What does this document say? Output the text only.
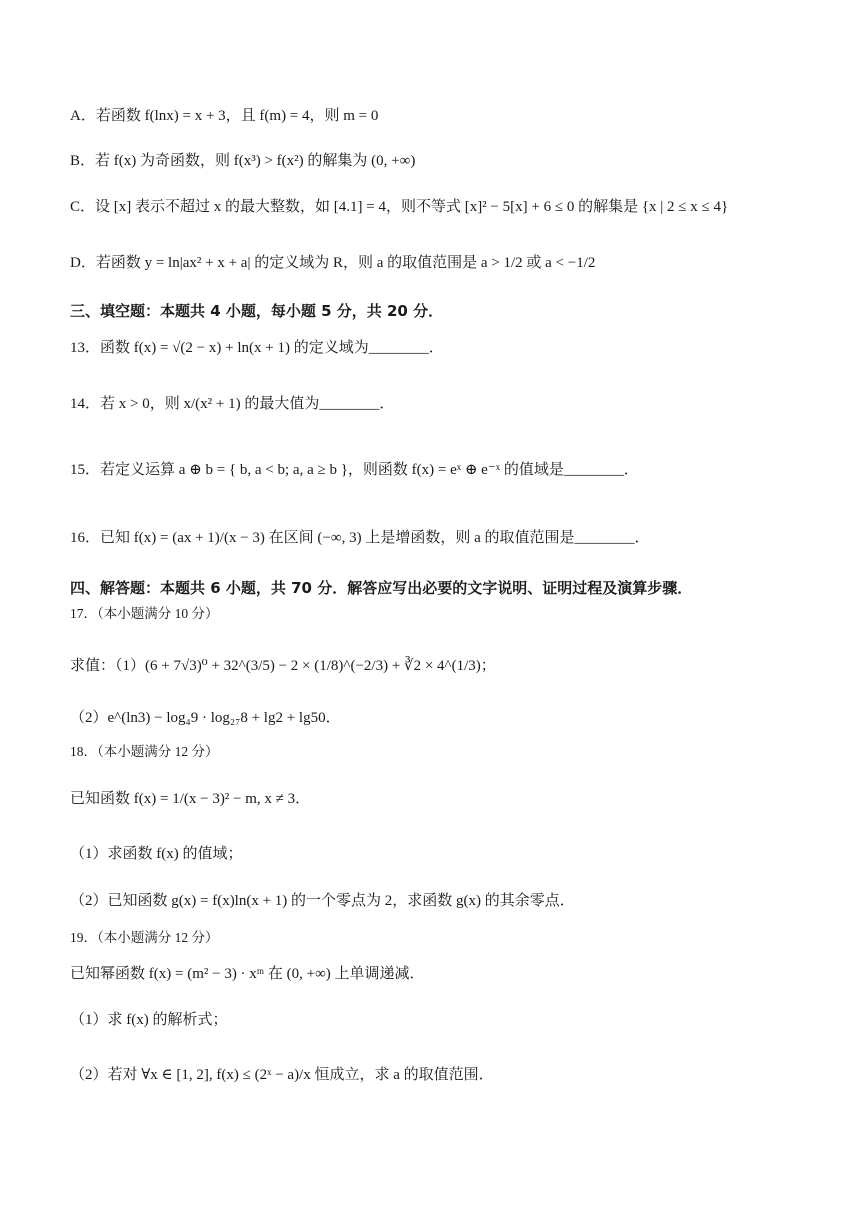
A．若函数 f(lnx) = x + 3，且 f(m) = 4，则 m = 0
B．若 f(x) 为奇函数，则 f(x³) > f(x²) 的解集为 (0, +∞)
C．设 [x] 表示不超过 x 的最大整数，如 [4.1] = 4，则不等式 [x]² − 5[x] + 6 ≤ 0 的解集是 {x | 2 ≤ x ≤ 4}
D．若函数 y = ln|ax² + x + a| 的定义域为 R，则 a 的取值范围是 a > 1/2 或 a < −1/2
三、填空题：本题共 4 小题，每小题 5 分，共 20 分．
13．函数 f(x) = √(2 − x) + ln(x + 1) 的定义域为________．
14．若 x > 0，则 x/(x² + 1) 的最大值为________．
15．若定义运算 a ⊕ b = { b, a < b; a, a ≥ b }，则函数 f(x) = eˣ ⊕ e⁻ˣ 的值域是________．
16．已知 f(x) = (ax + 1)/(x − 3) 在区间 (−∞, 3) 上是增函数，则 a 的取值范围是________．
四、解答题：本题共 6 小题，共 70 分．解答应写出必要的文字说明、证明过程及演算步骤．
17．（本小题满分 10 分）
求值：（1）(6 + 7√3)⁰ + 32^(3/5) − 2 × (1/8)^(−2/3) + ∛2 × 4^(1/3)；
（2）e^(ln3) − log₄9 · log₂₇8 + lg2 + lg50．
18．（本小题满分 12 分）
已知函数 f(x) = 1/(x − 3)² − m, x ≠ 3．
（1）求函数 f(x) 的值域；
（2）已知函数 g(x) = f(x)ln(x + 1) 的一个零点为 2，求函数 g(x) 的其余零点．
19．（本小题满分 12 分）
已知幂函数 f(x) = (m² − 3) · xᵐ 在 (0, +∞) 上单调递减．
（1）求 f(x) 的解析式；
（2）若对 ∀x ∈ [1, 2], f(x) ≤ (2ˣ − a)/x 恒成立，求 a 的取值范围．
